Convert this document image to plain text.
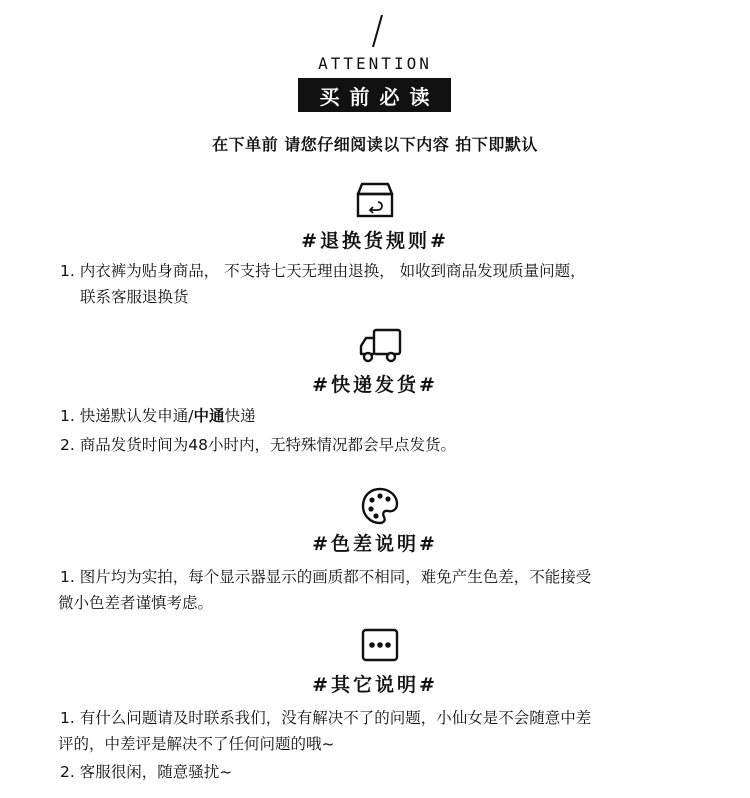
ATTENTION
买前必读
在下单前 请您仔细阅读以下内容 拍下即默认
#退换货规则#
1. 内衣裤为贴身商品， 不支持七天无理由退换， 如收到商品发现质量问题，
联系客服退换货
#快递发货#
1. 快递默认发申通/中通快递
2. 商品发货时间为48小时内，无特殊情况都会早点发货。
#色差说明#
1. 图片均为实拍，每个显示器显示的画质都不相同，难免产生色差，不能接受
微小色差者谨慎考虑。
#其它说明#
1. 有什么问题请及时联系我们，没有解决不了的问题，小仙女是不会随意中差
评的，中差评是解决不了任何问题的哦~
2. 客服很闲，随意骚扰~
